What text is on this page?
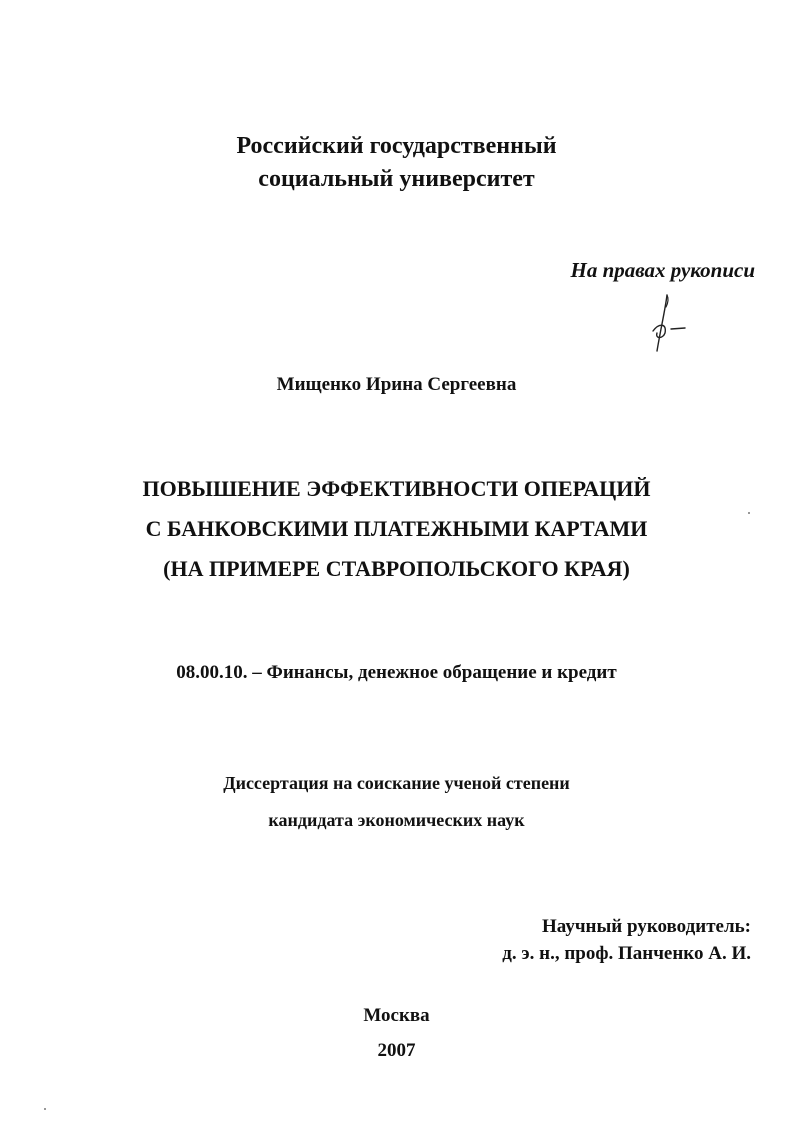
Российский государственный
социальный университет
На правах рукописи
Мищенко Ирина Сергеевна
ПОВЫШЕНИЕ ЭФФЕКТИВНОСТИ ОПЕРАЦИЙ
С БАНКОВСКИМИ ПЛАТЕЖНЫМИ КАРТАМИ
(НА ПРИМЕРЕ СТАВРОПОЛЬСКОГО КРАЯ)
08.00.10. – Финансы, денежное обращение и кредит
Диссертация на соискание ученой степени
кандидата экономических наук
Научный руководитель:
д. э. н., проф. Панченко А. И.
Москва
2007
